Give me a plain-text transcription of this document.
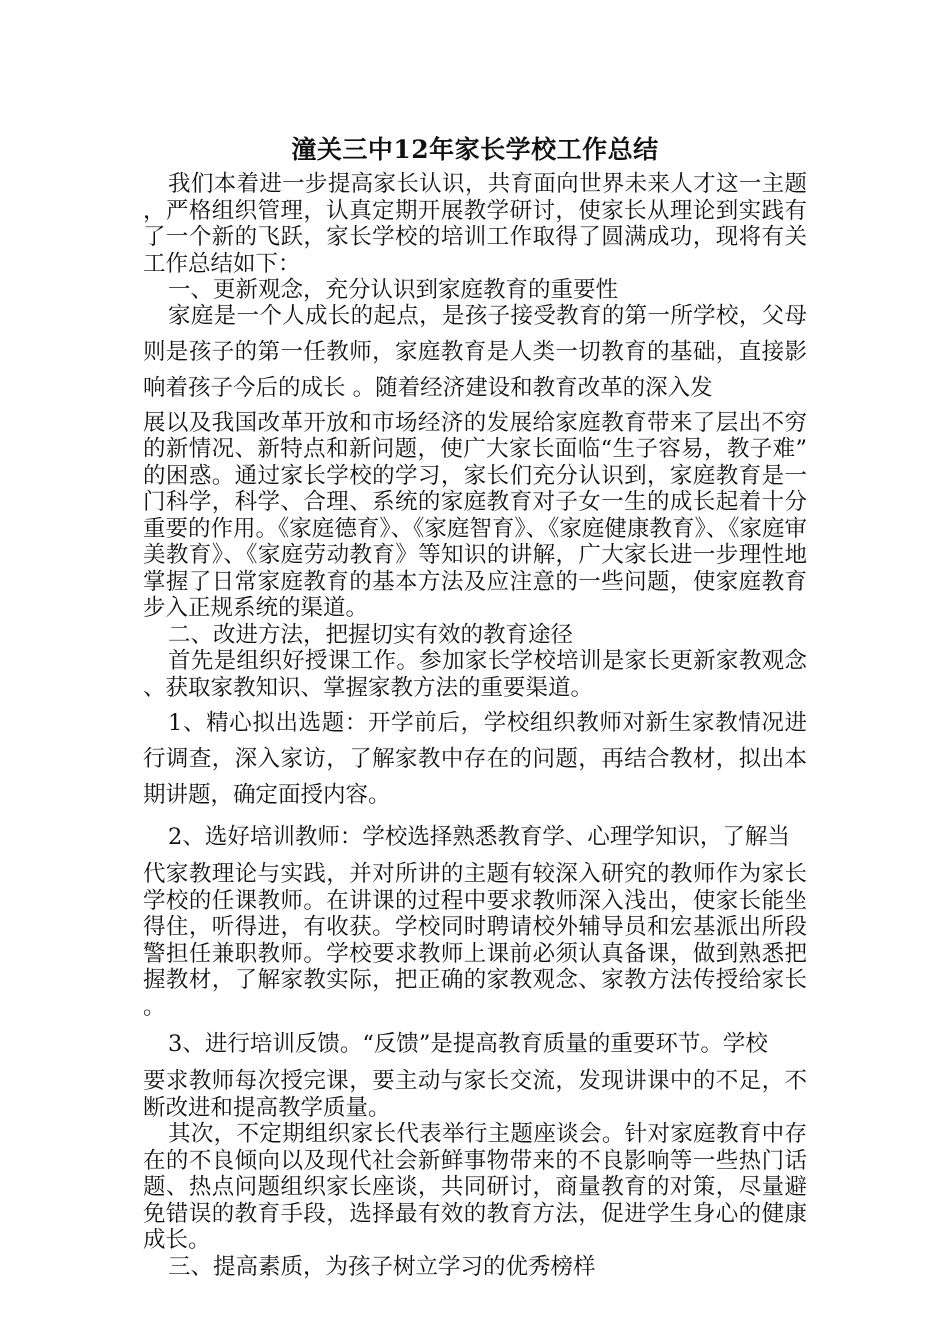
潼关三中12年家长学校工作总结

我们本着进一步提高家长认识，共育面向世界未来人才这一主题，严格组织管理，认真定期开展教学研讨，使家长从理论到实践有了一个新的飞跃，家长学校的培训工作取得了圆满成功，现将有关工作总结如下：

一、更新观念，充分认识到家庭教育的重要性

家庭是一个人成长的起点，是孩子接受教育的第一所学校，父母则是孩子的第一任教师，家庭教育是人类一切教育的基础，直接影响着孩子今后的成长 。随着经济建设和教育改革的深入发

展以及我国改革开放和市场经济的发展给家庭教育带来了层出不穷的新情况、新特点和新问题，使广大家长面临“生子容易，教子难”的困惑。通过家长学校的学习，家长们充分认识到，家庭教育是一门科学，科学、合理、系统的家庭教育对子女一生的成长起着十分重要的作用。《家庭德育》、《家庭智育》、《家庭健康教育》、《家庭审美教育》、《家庭劳动教育》等知识的讲解，广大家长进一步理性地掌握了日常家庭教育的基本方法及应注意的一些问题，使家庭教育步入正规系统的渠道。

二、改进方法，把握切实有效的教育途径

首先是组织好授课工作。参加家长学校培训是家长更新家教观念、获取家教知识、掌握家教方法的重要渠道。

1、精心拟出选题：开学前后，学校组织教师对新生家教情况进行调查，深入家访，了解家教中存在的问题，再结合教材，拟出本期讲题，确定面授内容。

2、选好培训教师：学校选择熟悉教育学、心理学知识，了解当

代家教理论与实践，并对所讲的主题有较深入研究的教师作为家长学校的任课教师。在讲课的过程中要求教师深入浅出，使家长能坐得住，听得进，有收获。学校同时聘请校外辅导员和宏基派出所段警担任兼职教师。学校要求教师上课前必须认真备课，做到熟悉把握教材，了解家教实际，把正确的家教观念、家教方法传授给家长。

3、进行培训反馈。“反馈”是提高教育质量的重要环节。学校

要求教师每次授完课，要主动与家长交流，发现讲课中的不足，不断改进和提高教学质量。

其次，不定期组织家长代表举行主题座谈会。针对家庭教育中存在的不良倾向以及现代社会新鲜事物带来的不良影响等一些热门话题、热点问题组织家长座谈，共同研讨，商量教育的对策，尽量避免错误的教育手段，选择最有效的教育方法，促进学生身心的健康成长。

三、提高素质，为孩子树立学习的优秀榜样
